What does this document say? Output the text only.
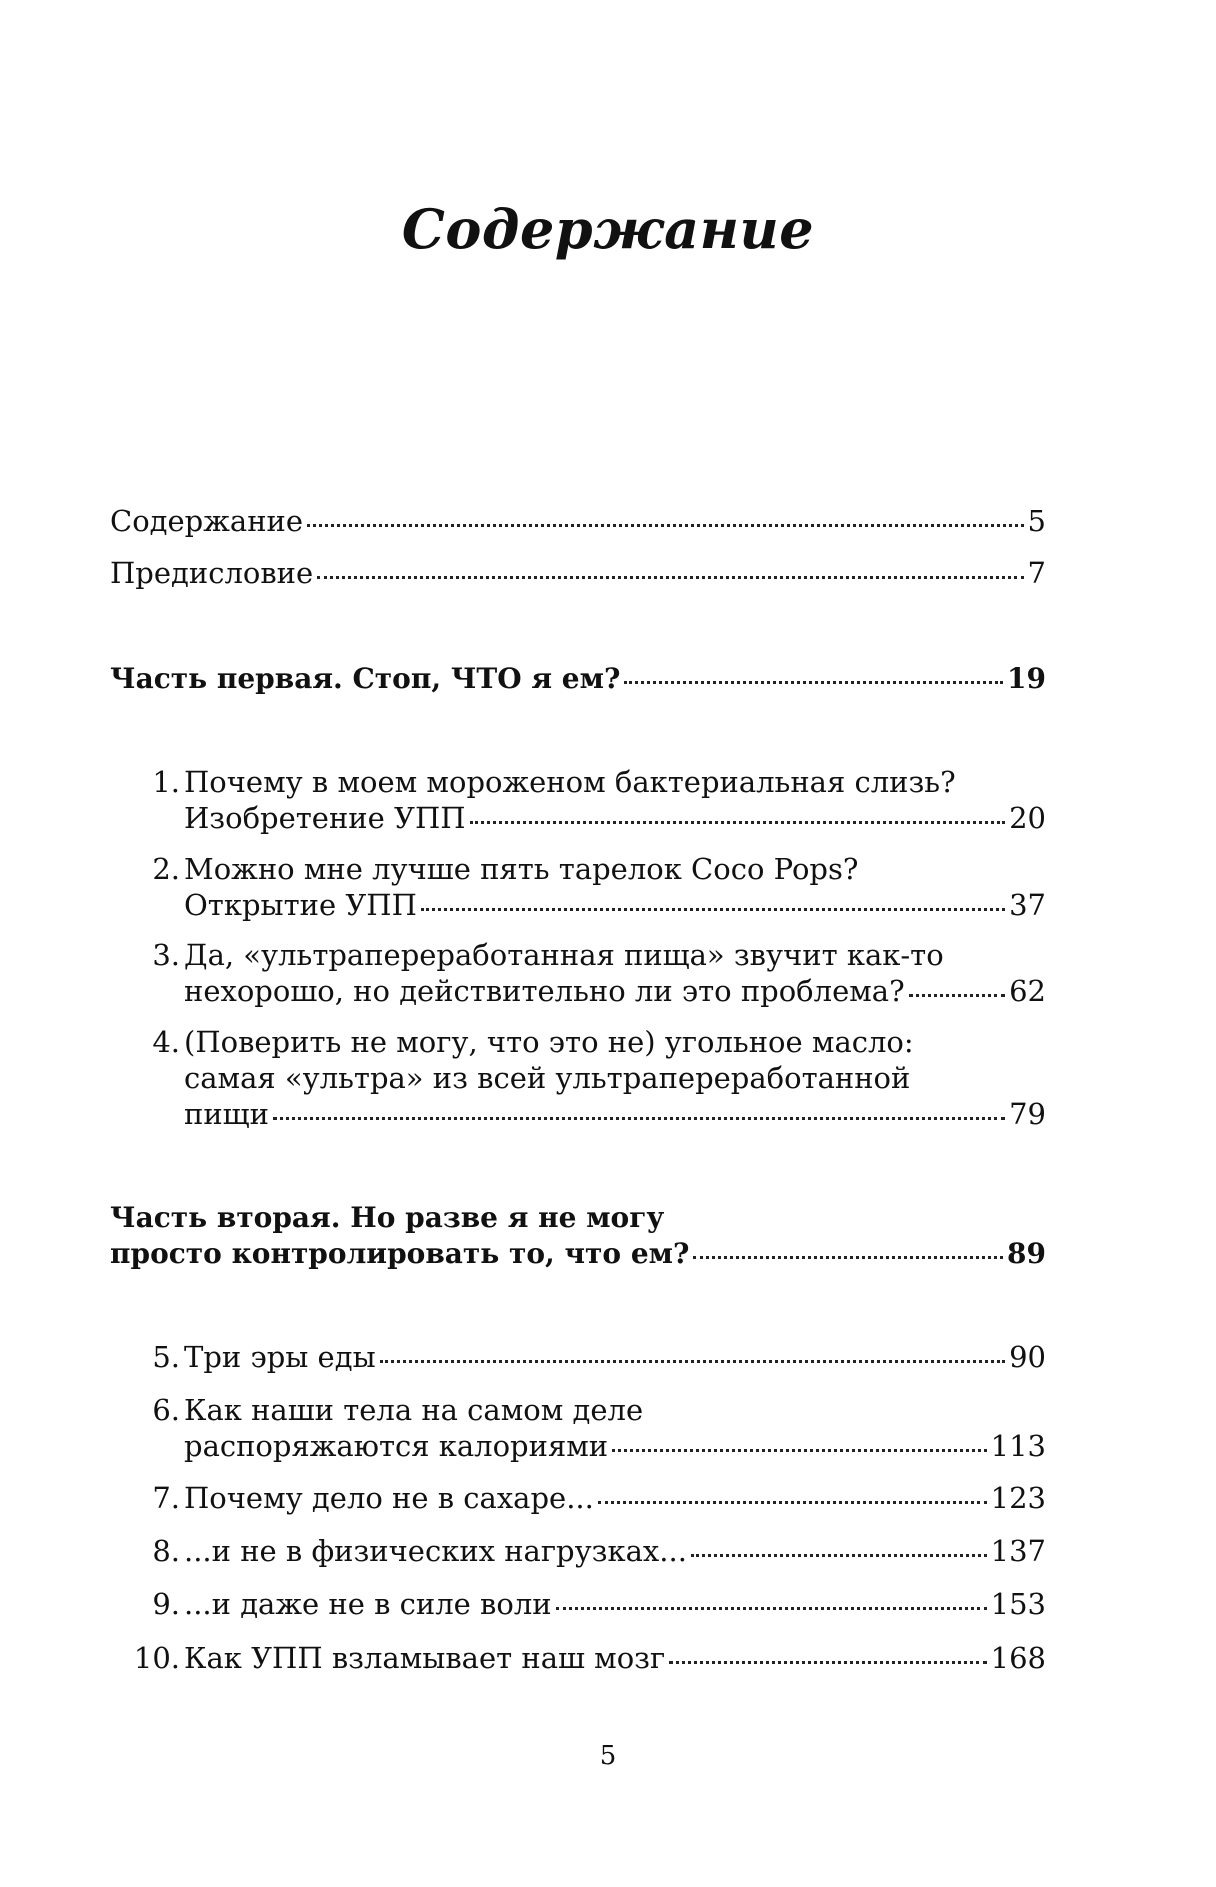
Содержание
Содержание	5
Предисловие	7
Часть первая. Стоп, ЧТО я ем?	19
1. Почему в моем мороженом бактериальная слизь?
Изобретение УПП	20
2. Можно мне лучше пять тарелок Coco Pops?
Открытие УПП	37
3. Да, «ультрапереработанная пища» звучит как-то
нехорошо, но действительно ли это проблема?	62
4. (Поверить не могу, что это не) угольное масло:
самая «ультра» из всей ультрапереработанной
пищи	79
Часть вторая. Но разве я не могу
просто контролировать то, что ем?	89
5. Три эры еды	90
6. Как наши тела на самом деле
распоряжаются калориями	113
7. Почему дело не в сахаре...	123
8. ...и не в физических нагрузках...	137
9. ...и даже не в силе воли	153
10. Как УПП взламывает наш мозг	168
5
